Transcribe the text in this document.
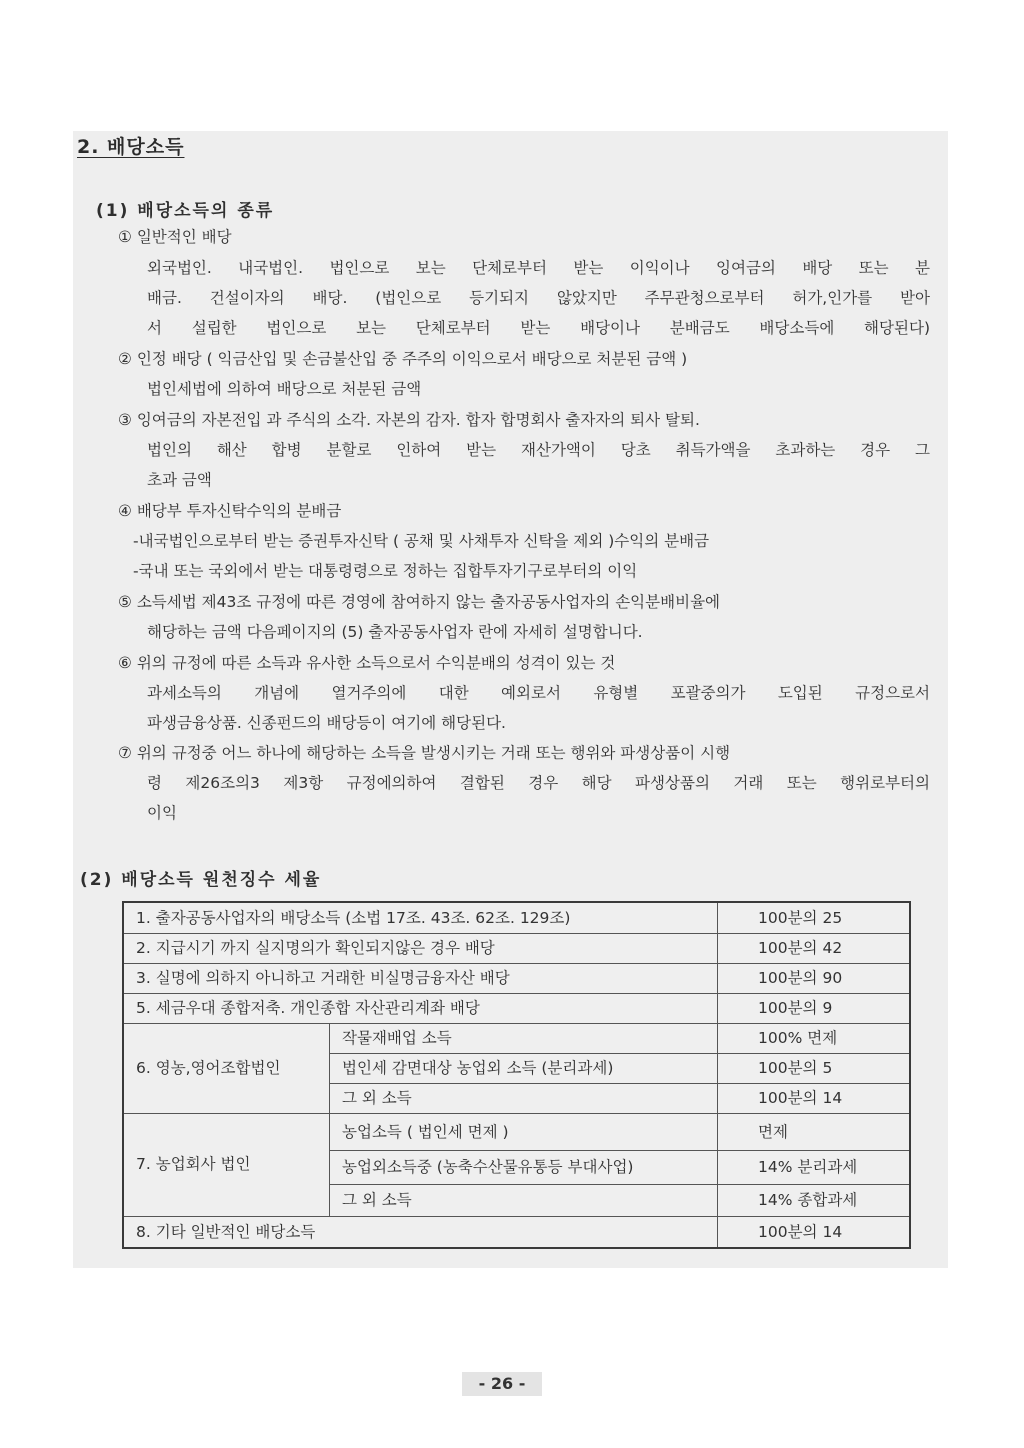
2. 배당소득
(1) 배당소득의 종류
① 일반적인 배당
외국법인. 내국법인. 법인으로 보는 단체로부터 받는 이익이나 잉여금의 배당 또는 분
배금. 건설이자의 배당. (법인으로 등기되지 않았지만 주무관청으로부터 허가,인가를 받아
서 설립한 법인으로 보는 단체로부터 받는 배당이나 분배금도 배당소득에 해당된다)
② 인정 배당 ( 익금산입 및 손금불산입 중 주주의 이익으로서 배당으로 처분된 금액 )
법인세법에 의하여 배당으로 처분된 금액
③ 잉여금의 자본전입 과 주식의 소각. 자본의 감자. 합자 합명회사 출자자의 퇴사 탈퇴.
법인의 해산 합병 분할로 인하여 받는 재산가액이 당초 취득가액을 초과하는 경우 그
초과 금액
④ 배당부 투자신탁수익의 분배금
-내국법인으로부터 받는 증권투자신탁 ( 공채 및 사채투자 신탁을 제외 )수익의 분배금
-국내 또는 국외에서 받는 대통령령으로 정하는 집합투자기구로부터의 이익
⑤ 소득세법 제43조 규정에 따른 경영에 참여하지 않는 출자공동사업자의 손익분배비율에
해당하는 금액 다음페이지의 (5) 출자공동사업자 란에 자세히 설명합니다.
⑥ 위의 규정에 따른 소득과 유사한 소득으로서 수익분배의 성격이 있는 것
과세소득의 개념에 열거주의에 대한 예외로서 유형별 포괄중의가 도입된 규정으로서
파생금융상품. 신종펀드의 배당등이 여기에 해당된다.
⑦ 위의 규정중 어느 하나에 해당하는 소득을 발생시키는 거래 또는 행위와 파생상품이 시행
령 제26조의3 제3항 규정에의하여 결합된 경우 해당 파생상품의 거래 또는 행위로부터의
이익
(2) 배당소득 원천징수 세율
1. 출자공동사업자의 배당소득 (소법 17조. 43조. 62조. 129조)	100분의 25
2. 지급시기 까지 실지명의가 확인되지않은 경우 배당	100분의 42
3. 실명에 의하지 아니하고 거래한 비실명금융자산 배당	100분의 90
5. 세금우대 종합저축. 개인종합 자산관리계좌 배당	100분의 9
6. 영농,영어조합법인
작물재배업 소득	100% 면제
법인세 감면대상 농업외 소득 (분리과세)	100분의 5
그 외 소득	100분의 14
7. 농업회사 법인
농업소득 ( 법인세 면제 )	면제
농업외소득중 (농축수산물유통등 부대사업)	14% 분리과세
그 외 소득	14% 종합과세
8. 기타 일반적인 배당소득	100분의 14
- 26 -
